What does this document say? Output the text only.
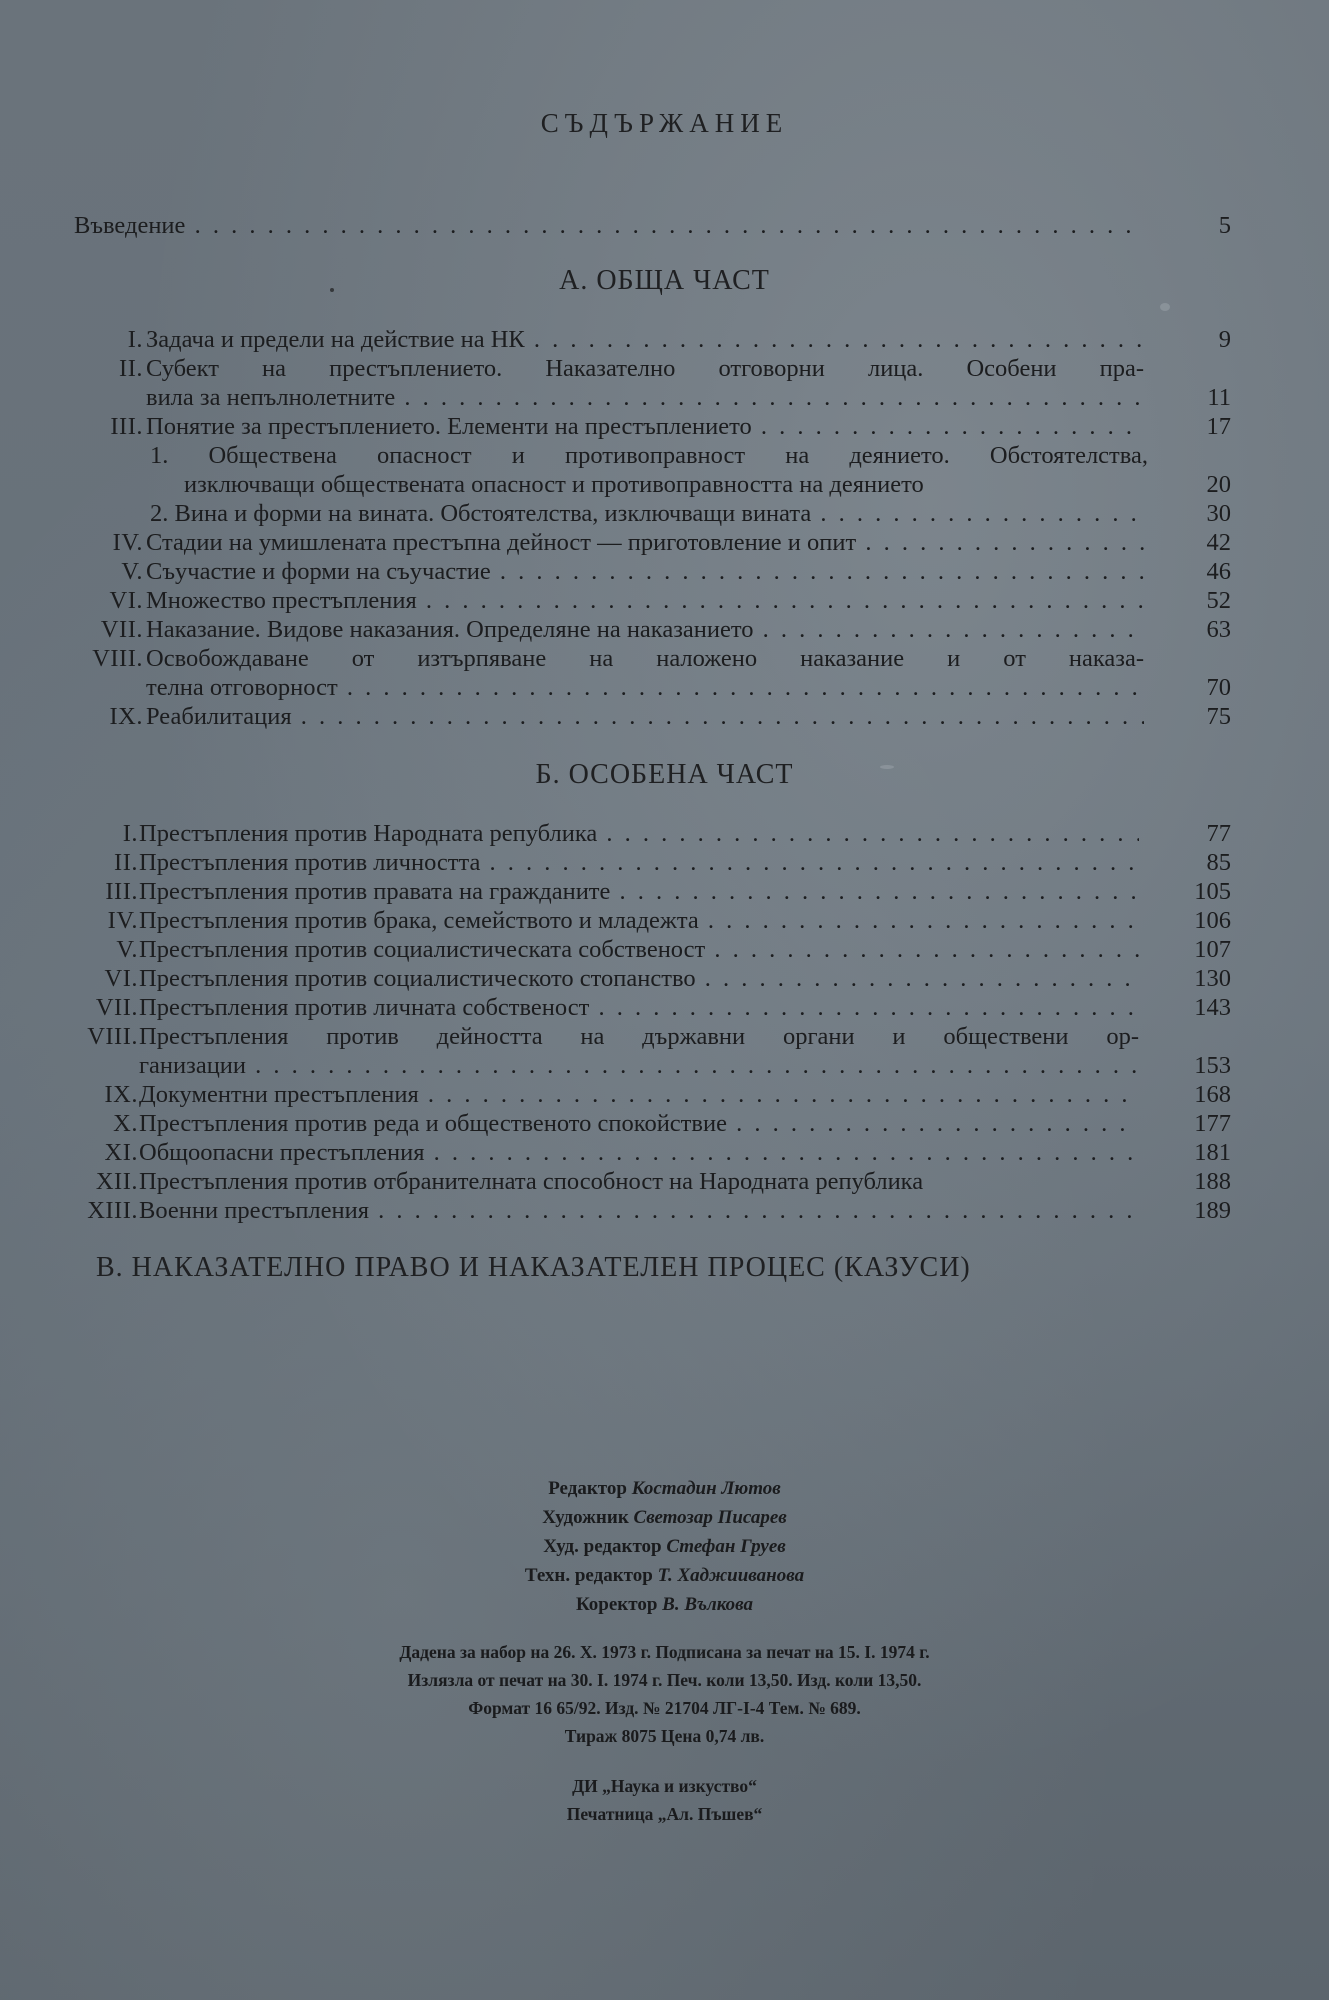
СЪДЪРЖАНИЕ
Въведение . . .	5
А. ОБЩА ЧАСТ
I. Задача и предели на действие на НК . . .	9
II. Субект на престъплението. Наказателно отговорни лица. Особени пра-
вила за непълнолетните . . .	11
III. Понятие за престъплението. Елементи на престъплението . . .	17
1. Обществена опасност и противоправност на деянието. Обстоятелства,
изключващи обществената опасност и противоправността на деянието	20
2. Вина и форми на вината. Обстоятелства, изключващи вината . . .	30
IV. Стадии на умишлената престъпна дейност — приготовление и опит . . .	42
V. Съучастие и форми на съучастие . . .	46
VI. Множество престъпления . . .	52
VII. Наказание. Видове наказания. Определяне на наказанието . . .	63
VIII. Освобождаване от изтърпяване на наложено наказание и от наказа-
телна отговорност . . .	70
IX. Реабилитация . . .	75
Б. ОСОБЕНА ЧАСТ
I. Престъпления против Народната република . . .	77
II. Престъпления против личността . . .	85
III. Престъпления против правата на гражданите . . .	105
IV. Престъпления против брака, семейството и младежта . . .	106
V. Престъпления против социалистическата собственост . . .	107
VI. Престъпления против социалистическото стопанство . . .	130
VII. Престъпления против личната собственост . . .	143
VIII. Престъпления против дейността на държавни органи и обществени ор-
ганизации . . .	153
IX. Документни престъпления . . .	168
X. Престъпления против реда и общественото спокойствие . . .	177
XI. Общоопасни престъпления . . .	181
XII. Престъпления против отбранителната способност на Народната република	188
XIII. Военни престъпления . . .	189
В. НАКАЗАТЕЛНО ПРАВО И НАКАЗАТЕЛЕН ПРОЦЕС (КАЗУСИ)
Редактор Костадин Лютов
Художник Светозар Писарев
Худ. редактор Стефан Груев
Техн. редактор Т. Хаджииванова
Коректор В. Вълкова
Дадена за набор на 26. X. 1973 г. Подписана за печат на 15. I. 1974 г.
Излязла от печат на 30. I. 1974 г. Печ. коли 13,50. Изд. коли 13,50.
Формат 16 65/92. Изд. № 21704 ЛГ-I-4 Тем. № 689.
Тираж 8075 Цена 0,74 лв.
ДИ „Наука и изкуство“
Печатница „Ал. Пъшев“
